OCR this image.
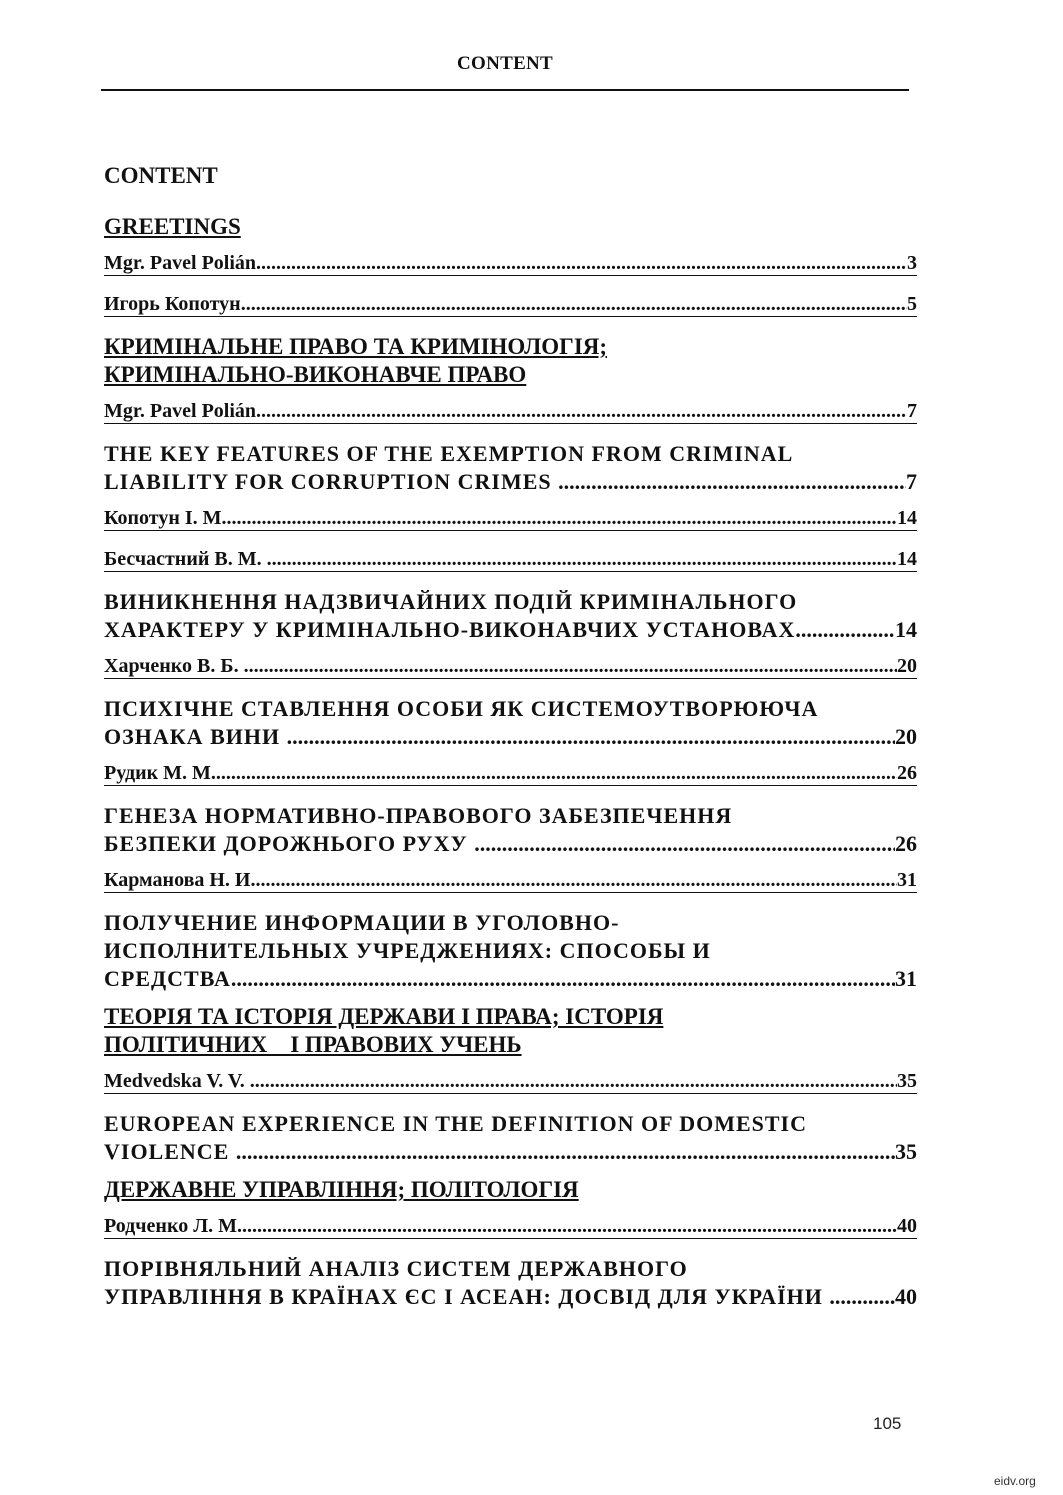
CONTENT
CONTENT
GREETINGS
Mgr. Pavel Polián .....	3
Игорь Копотун .....	5
КРИМІНАЛЬНЕ ПРАВО ТА КРИМІНОЛОГІЯ;
КРИМІНАЛЬНО-ВИКОНАВЧЕ ПРАВО
Mgr. Pavel Polián .....	7
THE KEY FEATURES OF THE EXEMPTION FROM CRIMINAL
LIABILITY FOR CORRUPTION CRIMES .....	7
Копотун І. М. .....	14
Бесчастний В. М. .....	14
ВИНИКНЕННЯ НАДЗВИЧАЙНИХ ПОДІЙ КРИМІНАЛЬНОГО
ХАРАКТЕРУ У КРИМІНАЛЬНО-ВИКОНАВЧИХ УСТАНОВАХ .....	14
Харченко В. Б. .....	20
ПСИХІЧНЕ СТАВЛЕННЯ ОСОБИ ЯК СИСТЕМОУТВОРЮЮЧА
ОЗНАКА ВИНИ .....	20
Рудик М. М. .....	26
ГЕНЕЗА НОРМАТИВНО-ПРАВОВОГО ЗАБЕЗПЕЧЕННЯ
БЕЗПЕКИ ДОРОЖНЬОГО РУХУ .....	26
Карманова Н. И. .....	31
ПОЛУЧЕНИЕ ИНФОРМАЦИИ В УГОЛОВНО-
ИСПОЛНИТЕЛЬНЫХ УЧРЕДЖЕНИЯХ: СПОСОБЫ И
СРЕДСТВА .....	31
ТЕОРІЯ ТА ІСТОРІЯ ДЕРЖАВИ І ПРАВА; ІСТОРІЯ
ПОЛІТИЧНИХ    І ПРАВОВИХ УЧЕНЬ
Medvedska V. V. .....	35
EUROPEAN EXPERIENCE IN THE DEFINITION OF DOMESTIC
VIOLENCE .....	35
ДЕРЖАВНЕ УПРАВЛІННЯ; ПОЛІТОЛОГІЯ
Родченко Л. М. .....	40
ПОРІВНЯЛЬНИЙ АНАЛІЗ СИСТЕМ ДЕРЖАВНОГО
УПРАВЛІННЯ В КРАЇНАХ ЄС І АСЕАН: ДОСВІД ДЛЯ УКРАЇНИ .....	40
105
eidv.org
